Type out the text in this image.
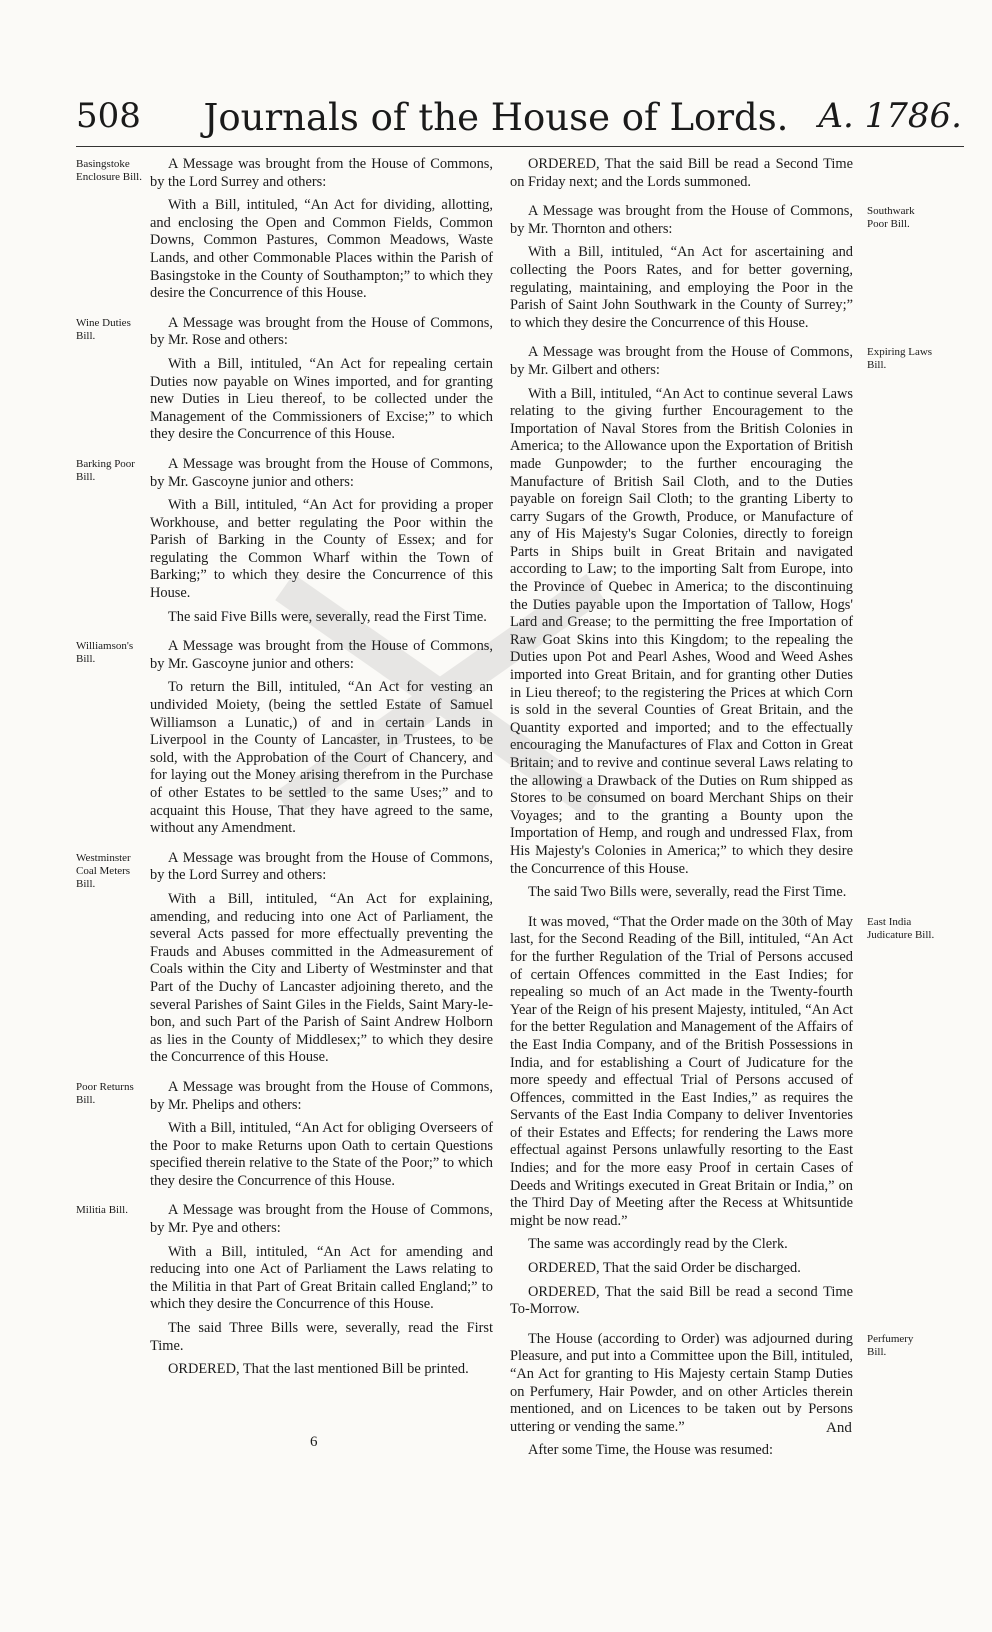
508	Journals of the House of Lords. A. 1786.
Basingstoke Enclosure Bill.

A Message was brought from the House of Commons, by the Lord Surrey and others:

With a Bill, intituled, “An Act for dividing, allotting, and enclosing the Open and Common Fields, Common Downs, Common Pastures, Common Meadows, Waste Lands, and other Commonable Places within the Parish of Basingstoke in the County of Southampton;” to which they desire the Concurrence of this House.

Wine Duties Bill.

A Message was brought from the House of Commons, by Mr. Rose and others:

With a Bill, intituled, “An Act for repealing certain Duties now payable on Wines imported, and for granting new Duties in Lieu thereof, to be collected under the Management of the Commissioners of Excise;” to which they desire the Concurrence of this House.

Barking Poor Bill.

A Message was brought from the House of Commons, by Mr. Gascoyne junior and others:

With a Bill, intituled, “An Act for providing a proper Workhouse, and better regulating the Poor within the Parish of Barking in the County of Essex; and for regulating the Common Wharf within the Town of Barking;” to which they desire the Concurrence of this House.

The said Five Bills were, severally, read the First Time.

Williamson's Bill.

A Message was brought from the House of Commons, by Mr. Gascoyne junior and others:

To return the Bill, intituled, “An Act for vesting an undivided Moiety, (being the settled Estate of Samuel Williamson a Lunatic,) of and in certain Lands in Liverpool in the County of Lancaster, in Trustees, to be sold, with the Approbation of the Court of Chancery, and for laying out the Money arising therefrom in the Purchase of other Estates to be settled to the same Uses;” and to acquaint this House, That they have agreed to the same, without any Amendment.

Westminster Coal Meters Bill.

A Message was brought from the House of Commons, by the Lord Surrey and others:

With a Bill, intituled, “An Act for explaining, amending, and reducing into one Act of Parliament, the several Acts passed for more effectually preventing the Frauds and Abuses committed in the Admeasurement of Coals within the City and Liberty of Westminster and that Part of the Duchy of Lancaster adjoining thereto, and the several Parishes of Saint Giles in the Fields, Saint Mary-le-bon, and such Part of the Parish of Saint Andrew Holborn as lies in the County of Middlesex;” to which they desire the Concurrence of this House.

Poor Returns Bill.

A Message was brought from the House of Commons, by Mr. Phelips and others:

With a Bill, intituled, “An Act for obliging Overseers of the Poor to make Returns upon Oath to certain Questions specified therein relative to the State of the Poor;” to which they desire the Concurrence of this House.

Militia Bill.	A Message was brought from the House of Commons, by Mr. Pye and others:

With a Bill, intituled, “An Act for amending and reducing into one Act of Parliament the Laws relating to the Militia in that Part of Great Britain called England;” to which they desire the Concurrence of this House.

The said Three Bills were, severally, read the First Time.

ORDERED, That the last mentioned Bill be printed.

ORDERED, That the said Bill be read a Second Time on Friday next; and the Lords summoned.

Southwark Poor Bill.

A Message was brought from the House of Commons, by Mr. Thornton and others:

With a Bill, intituled, “An Act for ascertaining and collecting the Poors Rates, and for better governing, regulating, maintaining, and employing the Poor in the Parish of Saint John Southwark in the County of Surrey;” to which they desire the Concurrence of this House.

Expiring Laws Bill.

A Message was brought from the House of Commons, by Mr. Gilbert and others:

With a Bill, intituled, “An Act to continue several Laws relating to the giving further Encouragement to the Importation of Naval Stores from the British Colonies in America; to the Allowance upon the Exportation of British made Gunpowder; to the further encouraging the Manufacture of British Sail Cloth, and to the Duties payable on foreign Sail Cloth; to the granting Liberty to carry Sugars of the Growth, Produce, or Manufacture of any of His Majesty's Sugar Colonies, directly to foreign Parts in Ships built in Great Britain and navigated according to Law; to the importing Salt from Europe, into the Province of Quebec in America; to the discontinuing the Duties payable upon the Importation of Tallow, Hogs' Lard and Grease; to the permitting the free Importation of Raw Goat Skins into this Kingdom; to the repealing the Duties upon Pot and Pearl Ashes, Wood and Weed Ashes imported into Great Britain, and for granting other Duties in Lieu thereof; to the registering the Prices at which Corn is sold in the several Counties of Great Britain, and the Quantity exported and imported; and to the effectually encouraging the Manufactures of Flax and Cotton in Great Britain; and to revive and continue several Laws relating to the allowing a Drawback of the Duties on Rum shipped as Stores to be consumed on board Merchant Ships on their Voyages; and to the granting a Bounty upon the Importation of Hemp, and rough and undressed Flax, from His Majesty's Colonies in America;” to which they desire the Concurrence of this House.

The said Two Bills were, severally, read the First Time.

East India Judicature Bill.

It was moved, “That the Order made on the 30th of May last, for the Second Reading of the Bill, intituled, “An Act for the further Regulation of the Trial of Persons accused of certain Offences committed in the East Indies; for repealing so much of an Act made in the Twenty-fourth Year of the Reign of his present Majesty, intituled, “An Act for the better Regulation and Management of the Affairs of the East India Company, and of the British Possessions in India, and for establishing a Court of Judicature for the more speedy and effectual Trial of Persons accused of Offences, committed in the East Indies,” as requires the Servants of the East India Company to deliver Inventories of their Estates and Effects; for rendering the Laws more effectual against Persons unlawfully resorting to the East Indies; and for the more easy Proof in certain Cases of Deeds and Writings executed in Great Britain or India,” on the Third Day of Meeting after the Recess at Whitsuntide might be now read.”

The same was accordingly read by the Clerk.

ORDERED, That the said Order be discharged.

ORDERED, That the said Bill be read a second Time To-Morrow.

Perfumery Bill.

The House (according to Order) was adjourned during Pleasure, and put into a Committee upon the Bill, intituled, “An Act for granting to His Majesty certain Stamp Duties on Perfumery, Hair Powder, and on other Articles therein mentioned, and on Licences to be taken out by Persons uttering or vending the same.”

After some Time, the House was resumed:

6
And
